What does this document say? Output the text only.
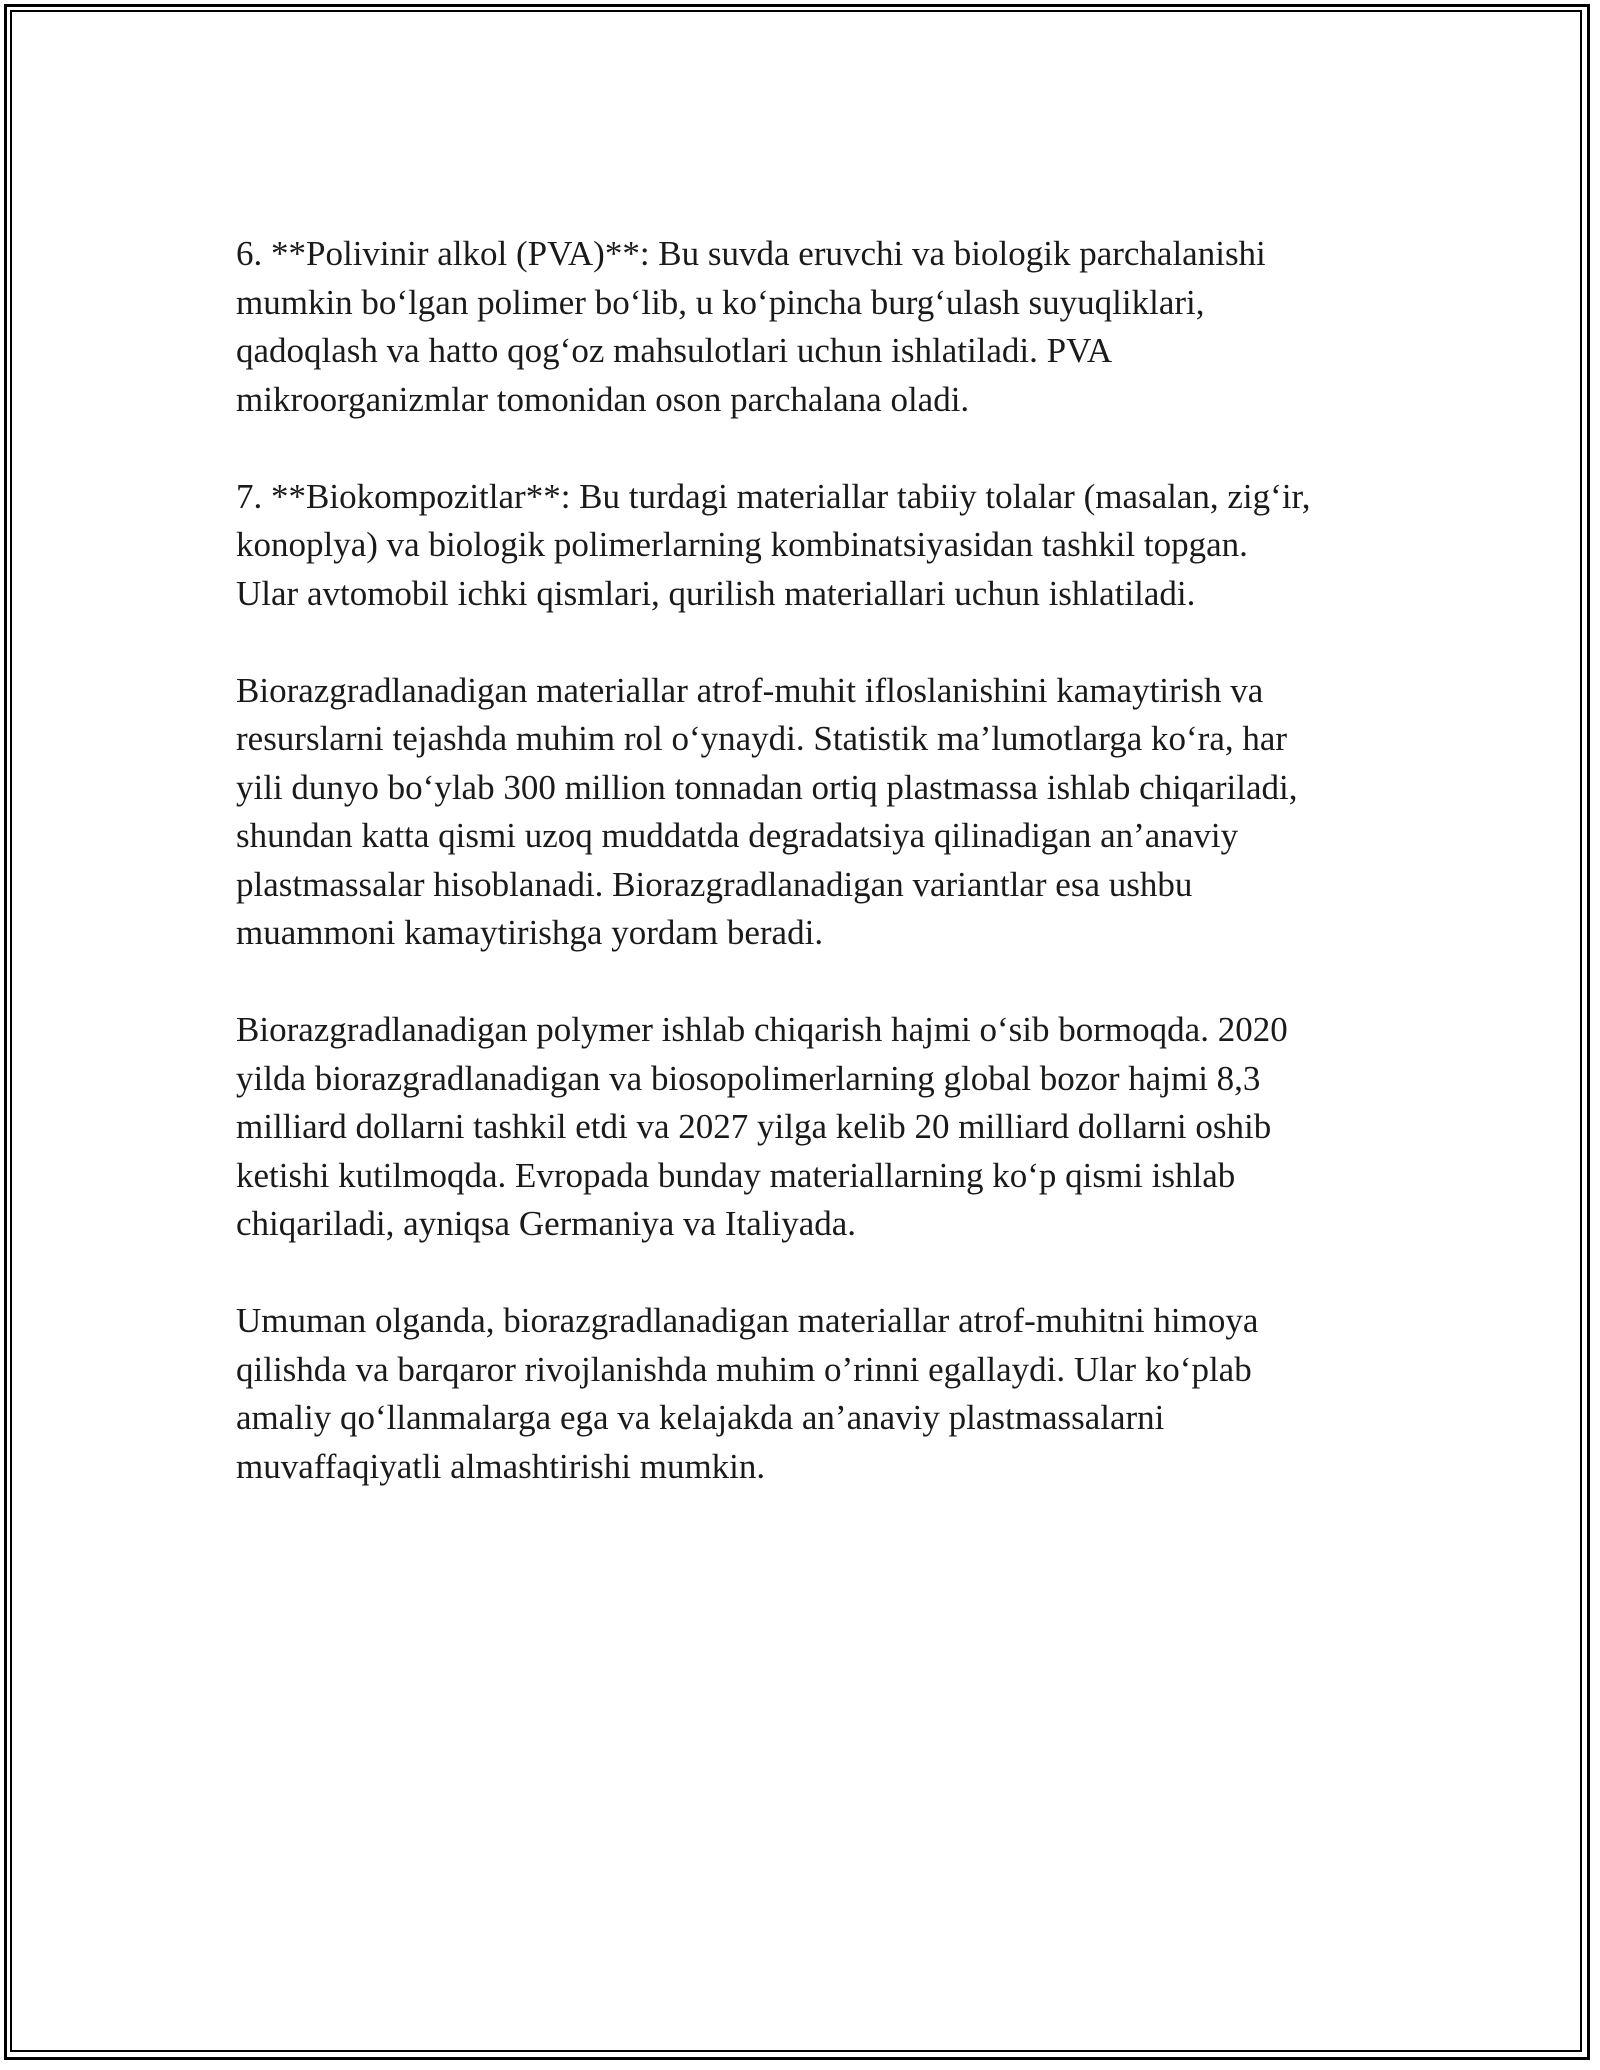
6. **Polivinir alkol (PVA)**: Bu suvda eruvchi va biologik parchalanishi
mumkin bo‘lgan polimer bo‘lib, u ko‘pincha burg‘ulash suyuqliklari,
qadoqlash va hatto qog‘oz mahsulotlari uchun ishlatiladi. PVA
mikroorganizmlar tomonidan oson parchalana oladi.

7. **Biokompozitlar**: Bu turdagi materiallar tabiiy tolalar (masalan, zig‘ir,
konoplya) va biologik polimerlarning kombinatsiyasidan tashkil topgan.
Ular avtomobil ichki qismlari, qurilish materiallari uchun ishlatiladi.

Biorazgradlanadigan materiallar atrof-muhit ifloslanishini kamaytirish va
resurslarni tejashda muhim rol o‘ynaydi. Statistik ma’lumotlarga ko‘ra, har
yili dunyo bo‘ylab 300 million tonnadan ortiq plastmassa ishlab chiqariladi,
shundan katta qismi uzoq muddatda degradatsiya qilinadigan an’anaviy
plastmassalar hisoblanadi. Biorazgradlanadigan variantlar esa ushbu
muammoni kamaytirishga yordam beradi.

Biorazgradlanadigan polymer ishlab chiqarish hajmi o‘sib bormoqda. 2020
yilda biorazgradlanadigan va biosopolimerlarning global bozor hajmi 8,3
milliard dollarni tashkil etdi va 2027 yilga kelib 20 milliard dollarni oshib
ketishi kutilmoqda. Evropada bunday materiallarning ko‘p qismi ishlab
chiqariladi, ayniqsa Germaniya va Italiyada.

Umuman olganda, biorazgradlanadigan materiallar atrof-muhitni himoya
qilishda va barqaror rivojlanishda muhim o’rinni egallaydi. Ular ko‘plab
amaliy qo‘llanmalarga ega va kelajakda an’anaviy plastmassalarni
muvaffaqiyatli almashtirishi mumkin.
